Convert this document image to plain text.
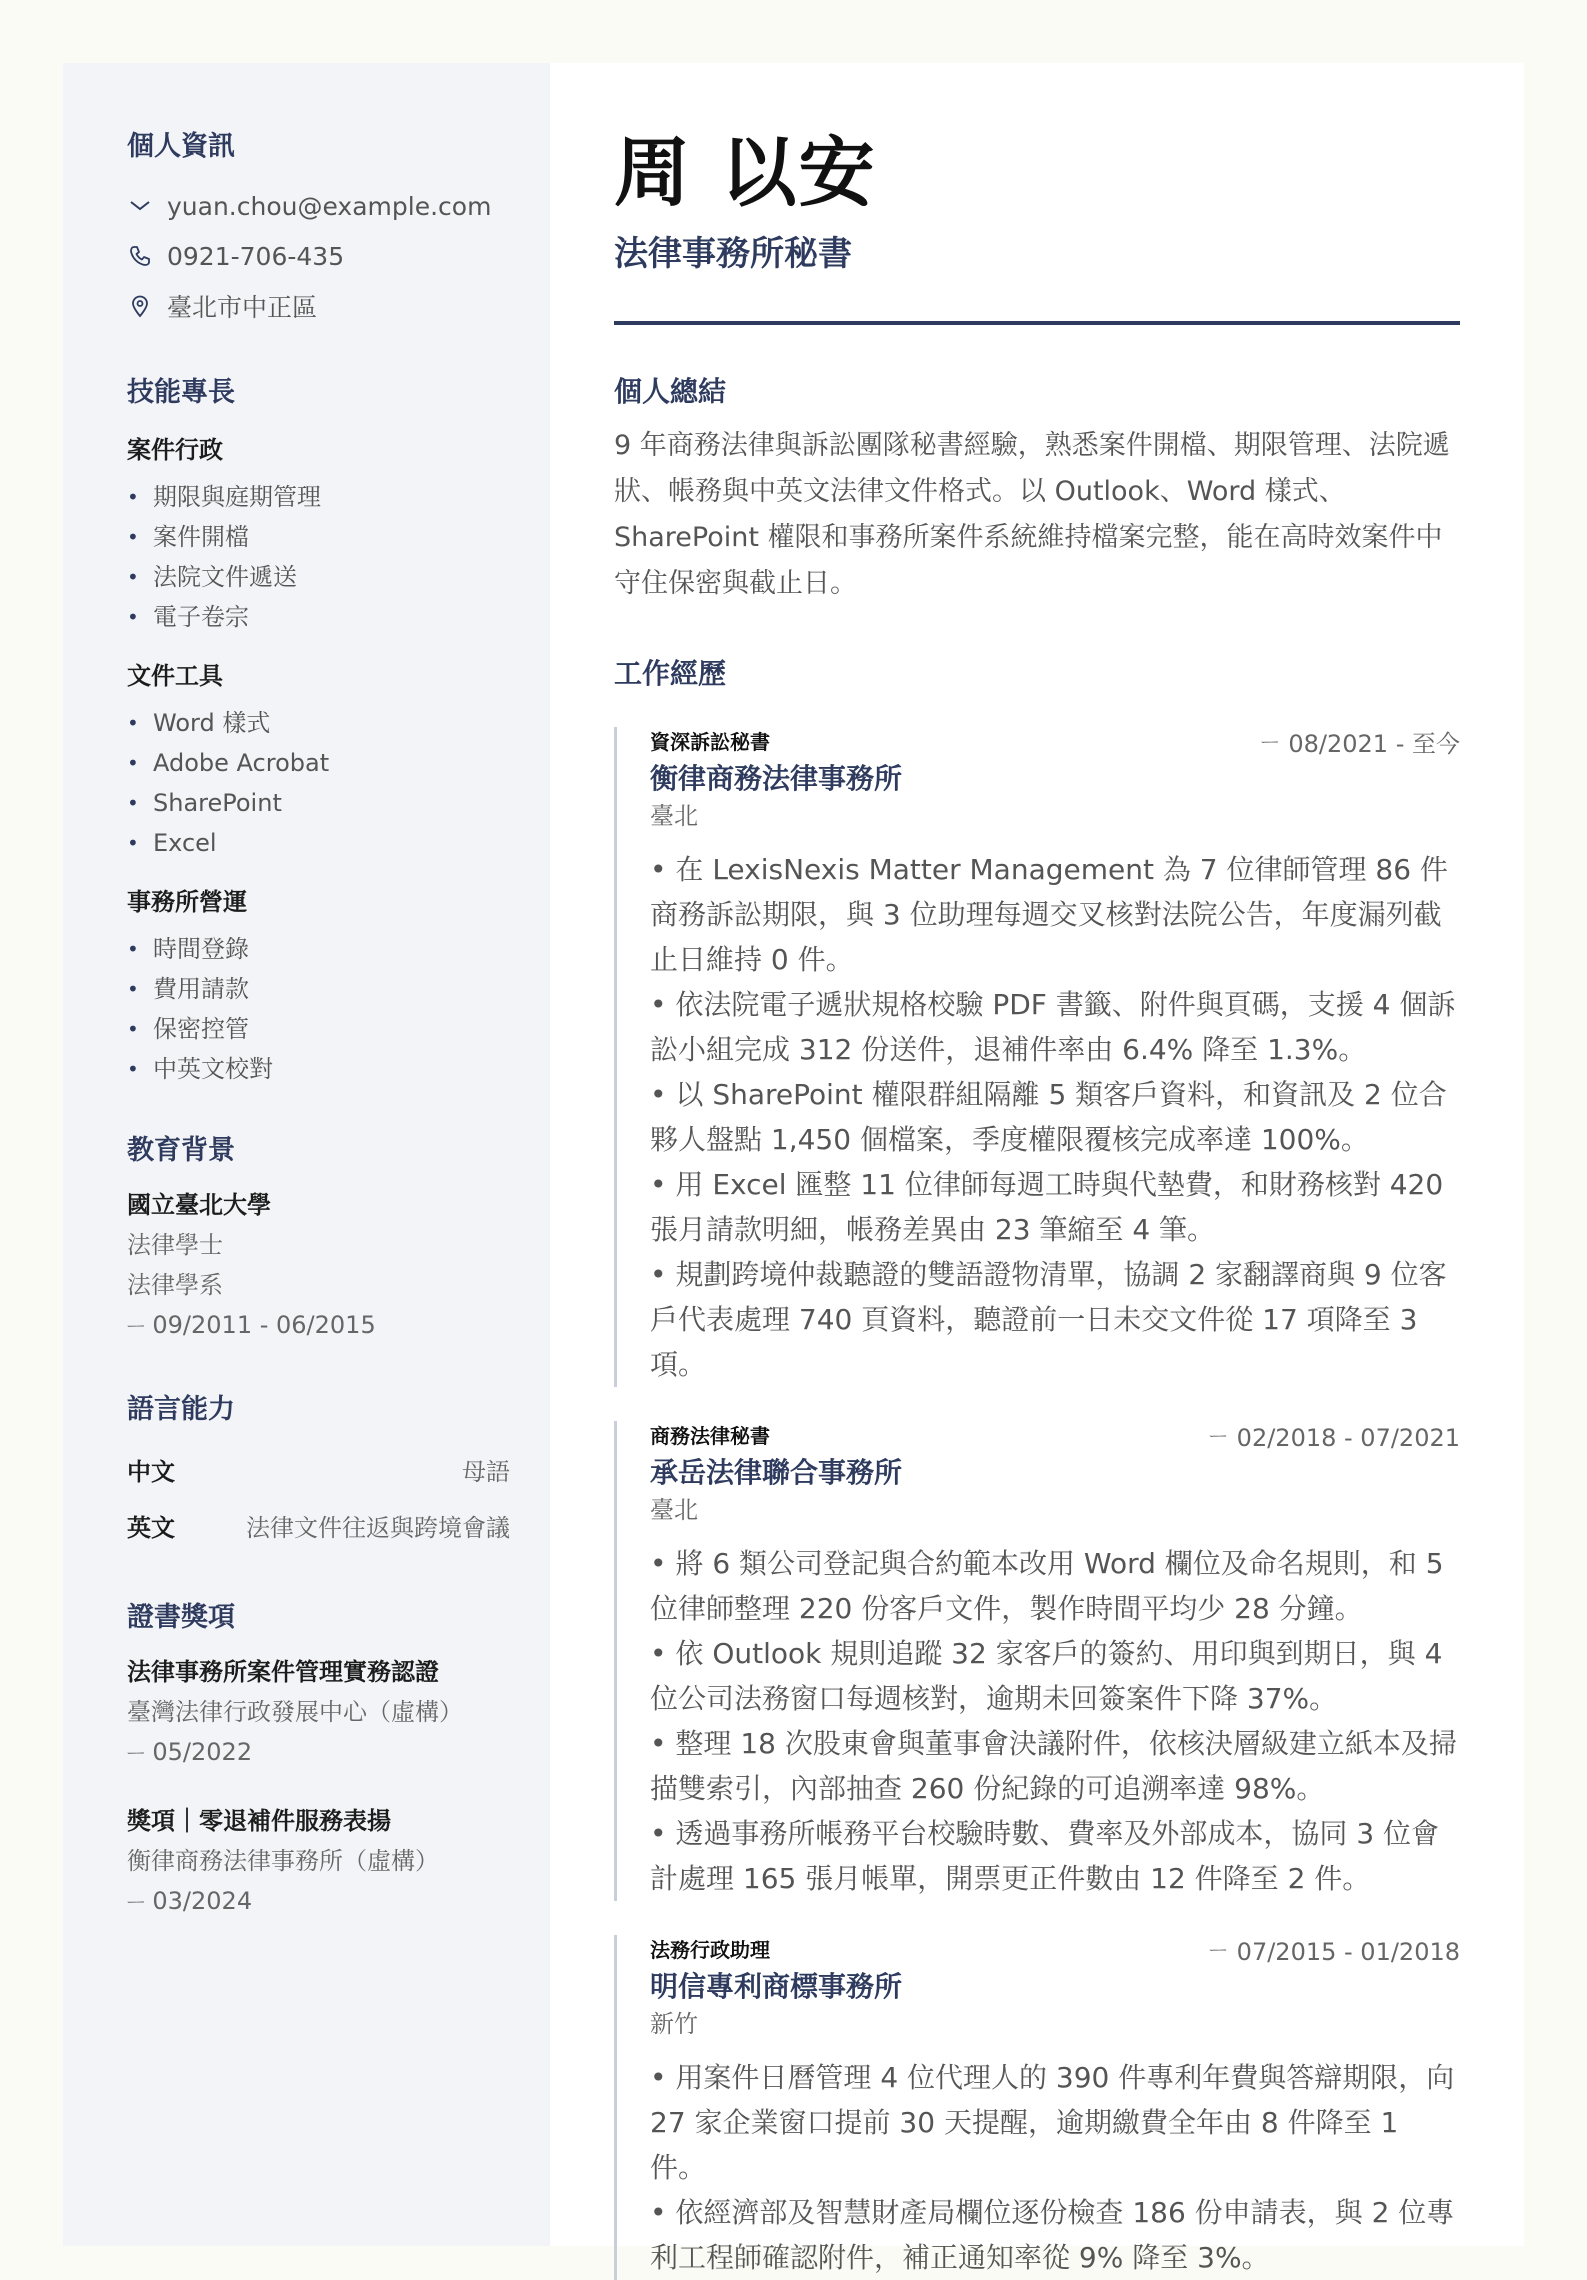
個人資訊
yuan.chou@example.com
0921-706-435
臺北市中正區
技能專長
案件行政
• 期限與庭期管理
• 案件開檔
• 法院文件遞送
• 電子卷宗
文件工具
• Word 樣式
• Adobe Acrobat
• SharePoint
• Excel
事務所營運
• 時間登錄
• 費用請款
• 保密控管
• 中英文校對
教育背景
國立臺北大學
法律學士
法律學系
ᅳ 09/2011 - 06/2015
語言能力
中文	母語
英文	法律文件往返與跨境會議
證書獎項
法律事務所案件管理實務認證
臺灣法律行政發展中心（虛構）
ᅳ 05/2022
獎項｜零退補件服務表揚
衡律商務法律事務所（虛構）
ᅳ 03/2024
周 以安
法律事務所秘書
個人總結
9 年商務法律與訴訟團隊秘書經驗，熟悉案件開檔、期限管理、法院遞狀、帳務與中英文法律文件格式。以 Outlook、Word 樣式、SharePoint 權限和事務所案件系統維持檔案完整，能在高時效案件中守住保密與截止日。
工作經歷
資深訴訟秘書	ᅳ 08/2021 - 至今
衡律商務法律事務所
臺北
• 在 LexisNexis Matter Management 為 7 位律師管理 86 件商務訴訟期限，與 3 位助理每週交叉核對法院公告，年度漏列截止日維持 0 件。
• 依法院電子遞狀規格校驗 PDF 書籤、附件與頁碼，支援 4 個訴訟小組完成 312 份送件，退補件率由 6.4% 降至 1.3%。
• 以 SharePoint 權限群組隔離 5 類客戶資料，和資訊及 2 位合夥人盤點 1,450 個檔案，季度權限覆核完成率達 100%。
• 用 Excel 匯整 11 位律師每週工時與代墊費，和財務核對 420 張月請款明細，帳務差異由 23 筆縮至 4 筆。
• 規劃跨境仲裁聽證的雙語證物清單，協調 2 家翻譯商與 9 位客戶代表處理 740 頁資料，聽證前一日未交文件從 17 項降至 3 項。
商務法律秘書	ᅳ 02/2018 - 07/2021
承岳法律聯合事務所
臺北
• 將 6 類公司登記與合約範本改用 Word 欄位及命名規則，和 5 位律師整理 220 份客戶文件，製作時間平均少 28 分鐘。
• 依 Outlook 規則追蹤 32 家客戶的簽約、用印與到期日，與 4 位公司法務窗口每週核對，逾期未回簽案件下降 37%。
• 整理 18 次股東會與董事會決議附件，依核決層級建立紙本及掃描雙索引，內部抽查 260 份紀錄的可追溯率達 98%。
• 透過事務所帳務平台校驗時數、費率及外部成本，協同 3 位會計處理 165 張月帳單，開票更正件數由 12 件降至 2 件。
法務行政助理	ᅳ 07/2015 - 01/2018
明信專利商標事務所
新竹
• 用案件日曆管理 4 位代理人的 390 件專利年費與答辯期限，向 27 家企業窗口提前 30 天提醒，逾期繳費全年由 8 件降至 1 件。
• 依經濟部及智慧財產局欄位逐份檢查 186 份申請表，與 2 位專利工程師確認附件，補正通知率從 9% 降至 3%。
